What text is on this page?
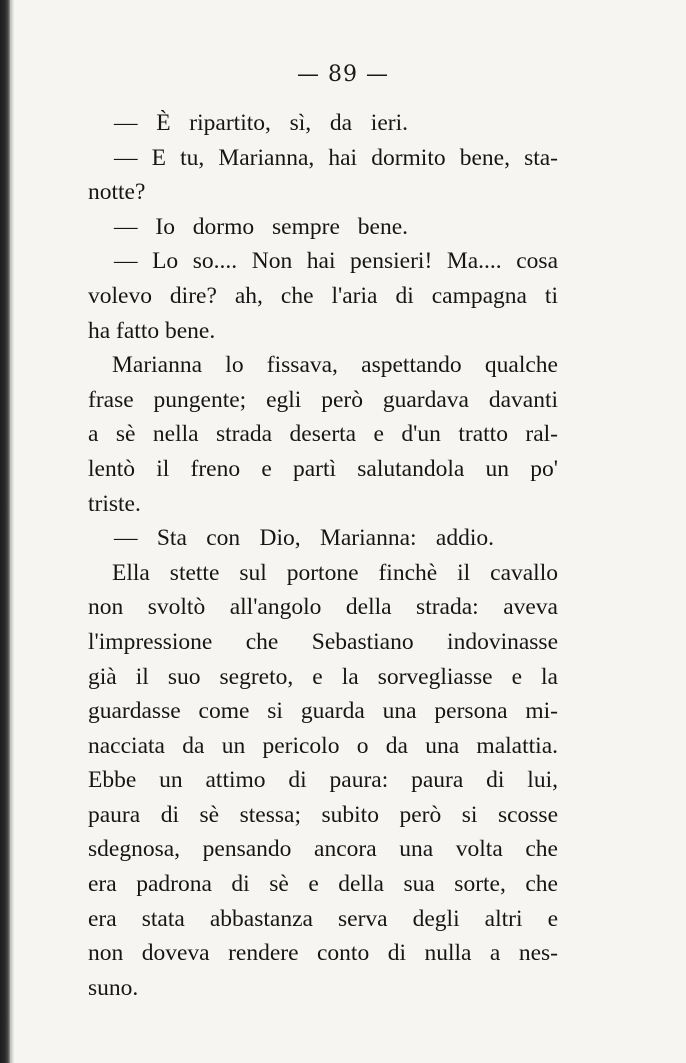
— 89 —
— È ripartito, sì, da ieri.
— E tu, Marianna, hai dormito bene, sta-
notte?
— Io dormo sempre bene.
— Lo so.... Non hai pensieri! Ma.... cosa
volevo dire? ah, che l'aria di campagna ti
ha fatto bene.
Marianna lo fissava, aspettando qualche
frase pungente; egli però guardava davanti
a sè nella strada deserta e d'un tratto ral-
lentò il freno e partì salutandola un po'
triste.
— Sta con Dio, Marianna: addio.
Ella stette sul portone finchè il cavallo
non svoltò all'angolo della strada: aveva
l'impressione che Sebastiano indovinasse
già il suo segreto, e la sorvegliasse e la
guardasse come si guarda una persona mi-
nacciata da un pericolo o da una malattia.
Ebbe un attimo di paura: paura di lui,
paura di sè stessa; subito però si scosse
sdegnosa, pensando ancora una volta che
era padrona di sè e della sua sorte, che
era stata abbastanza serva degli altri e
non doveva rendere conto di nulla a nes-
suno.
